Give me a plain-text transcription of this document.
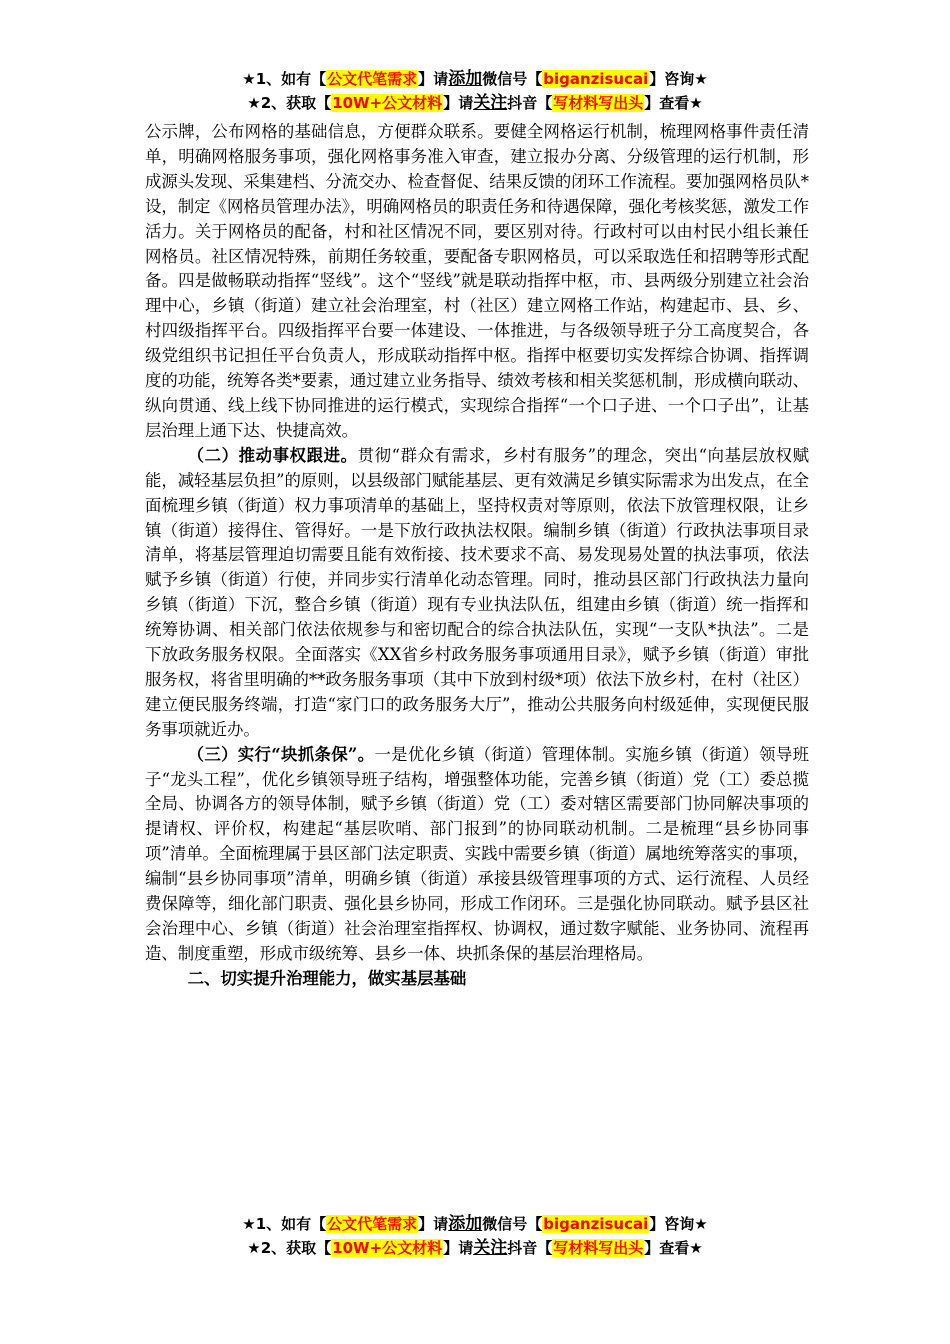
★1、如有【公文代笔需求】请添加微信号【biganzisucai】咨询★
★2、获取【10W+公文材料】请关注抖音【写材料写出头】查看★

公示牌，公布网格的基础信息，方便群众联系。要健全网格运行机制，梳理网格事件责任清单，明确网格服务事项，强化网格事务准入审查，建立报办分离、分级管理的运行机制，形成源头发现、采集建档、分流交办、检查督促、结果反馈的闭环工作流程。要加强网格员队*设，制定《网格员管理办法》，明确网格员的职责任务和待遇保障，强化考核奖惩，激发工作活力。关于网格员的配备，村和社区情况不同，要区别对待。行政村可以由村民小组长兼任网格员。社区情况特殊，前期任务较重，要配备专职网格员，可以采取选任和招聘等形式配备。四是做畅联动指挥“竖线”。这个“竖线”就是联动指挥中枢，市、县两级分别建立社会治理中心，乡镇（街道）建立社会治理室，村（社区）建立网格工作站，构建起市、县、乡、村四级指挥平台。四级指挥平台要一体建设、一体推进，与各级领导班子分工高度契合，各级党组织书记担任平台负责人，形成联动指挥中枢。指挥中枢要切实发挥综合协调、指挥调度的功能，统筹各类*要素，通过建立业务指导、绩效考核和相关奖惩机制，形成横向联动、纵向贯通、线上线下协同推进的运行模式，实现综合指挥“一个口子进、一个口子出”，让基层治理上通下达、快捷高效。

（二）推动事权跟进。贯彻“群众有需求，乡村有服务”的理念，突出“向基层放权赋能，减轻基层负担”的原则，以县级部门赋能基层、更有效满足乡镇实际需求为出发点，在全面梳理乡镇（街道）权力事项清单的基础上，坚持权责对等原则，依法下放管理权限，让乡镇（街道）接得住、管得好。一是下放行政执法权限。编制乡镇（街道）行政执法事项目录清单，将基层管理迫切需要且能有效衔接、技术要求不高、易发现易处置的执法事项，依法赋予乡镇（街道）行使，并同步实行清单化动态管理。同时，推动县区部门行政执法力量向乡镇（街道）下沉，整合乡镇（街道）现有专业执法队伍，组建由乡镇（街道）统一指挥和统筹协调、相关部门依法依规参与和密切配合的综合执法队伍，实现“一支队*执法”。二是下放政务服务权限。全面落实《XX省乡村政务服务事项通用目录》，赋予乡镇（街道）审批服务权，将省里明确的**政务服务事项（其中下放到村级*项）依法下放乡村，在村（社区）建立便民服务终端，打造“家门口的政务服务大厅”，推动公共服务向村级延伸，实现便民服务事项就近办。

（三）实行“块抓条保”。一是优化乡镇（街道）管理体制。实施乡镇（街道）领导班子“龙头工程”，优化乡镇领导班子结构，增强整体功能，完善乡镇（街道）党（工）委总揽全局、协调各方的领导体制，赋予乡镇（街道）党（工）委对辖区需要部门协同解决事项的提请权、评价权，构建起“基层吹哨、部门报到”的协同联动机制。二是梳理“县乡协同事项”清单。全面梳理属于县区部门法定职责、实践中需要乡镇（街道）属地统筹落实的事项，编制“县乡协同事项”清单，明确乡镇（街道）承接县级管理事项的方式、运行流程、人员经费保障等，细化部门职责、强化县乡协同，形成工作闭环。三是强化协同联动。赋予县区社会治理中心、乡镇（街道）社会治理室指挥权、协调权，通过数字赋能、业务协同、流程再造、制度重塑，形成市级统筹、县乡一体、块抓条保的基层治理格局。

二、切实提升治理能力，做实基层基础

★1、如有【公文代笔需求】请添加微信号【biganzisucai】咨询★
★2、获取【10W+公文材料】请关注抖音【写材料写出头】查看★
